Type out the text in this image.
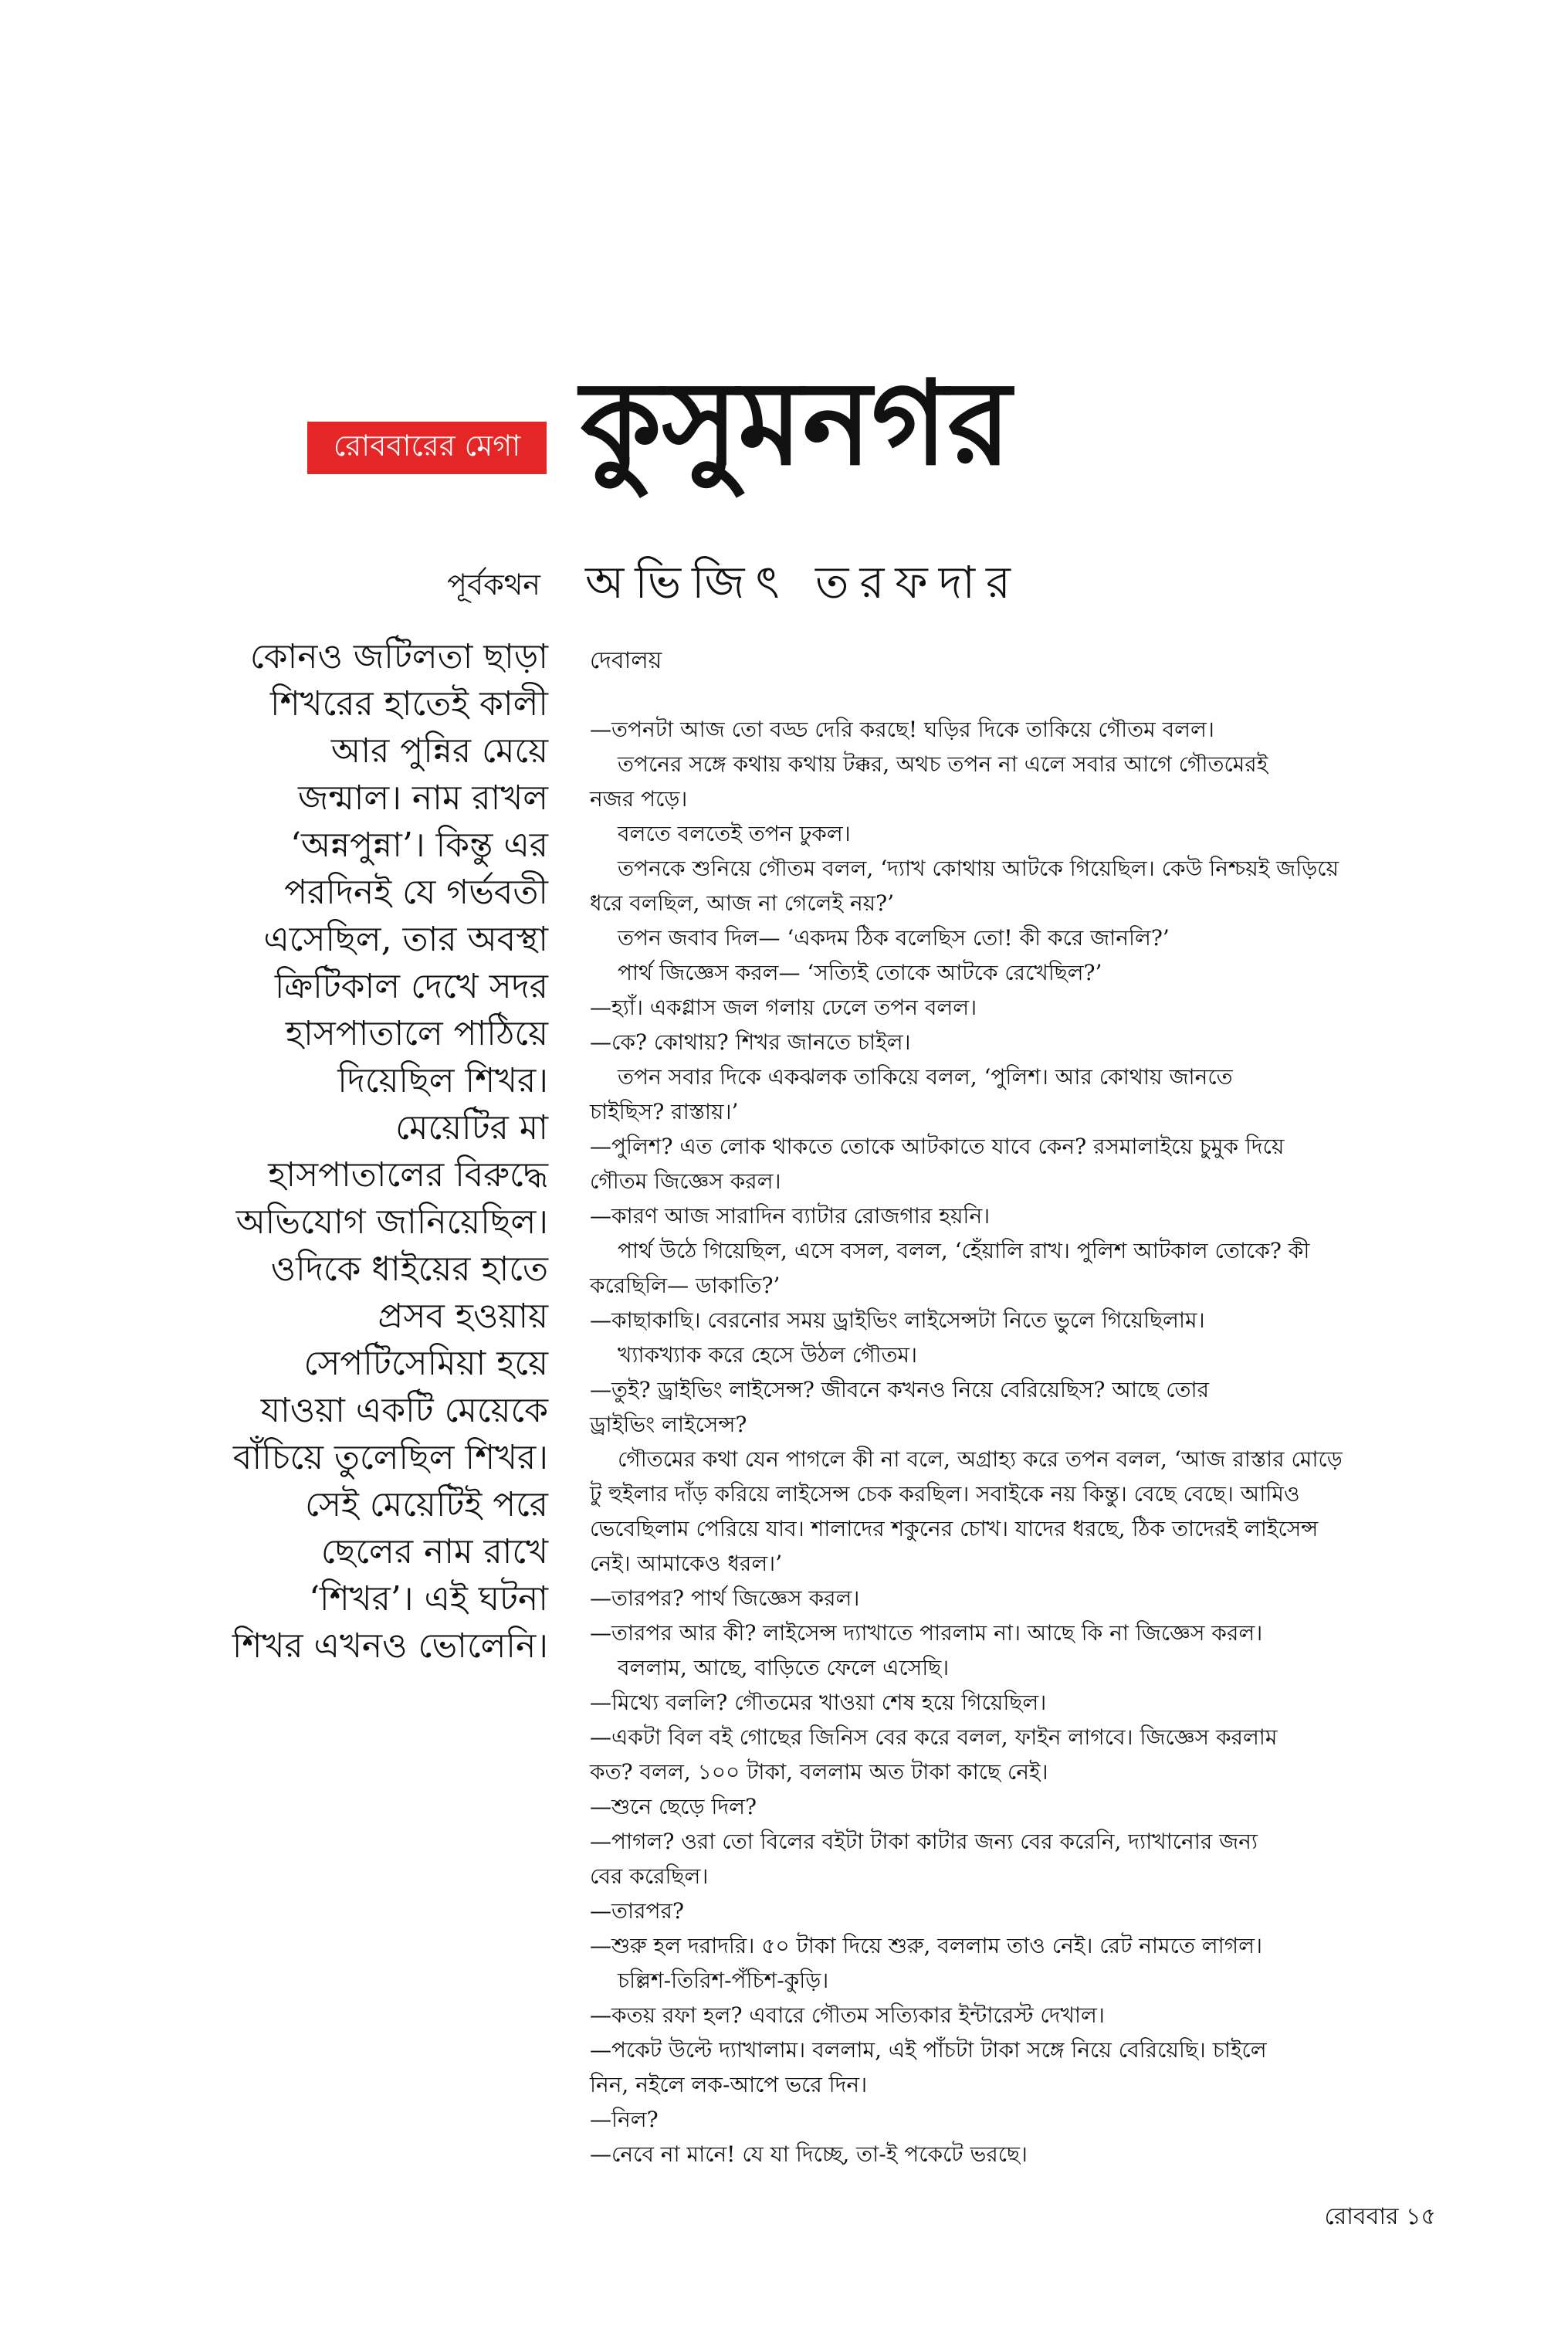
রোববারের মেগা কুসুমনগর
পূর্বকথন অভিজিৎ তরফদার
কোনও জটিলতা ছাড়া
শিখরের হাতেই কালী
আর পুন্নির মেয়ে
জন্মাল। নাম রাখল
‘অন্নপুন্না’। কিন্তু এর
পরদিনই যে গর্ভবতী
এসেছিল, তার অবস্থা
ক্রিটিকাল দেখে সদর
হাসপাতালে পাঠিয়ে
দিয়েছিল শিখর।
মেয়েটির মা
হাসপাতালের বিরুদ্ধে
অভিযোগ জানিয়েছিল।
ওদিকে ধাইয়ের হাতে
প্রসব হওয়ায়
সেপটিসেমিয়া হয়ে
যাওয়া একটি মেয়েকে
বাঁচিয়ে তুলেছিল শিখর।
সেই মেয়েটিই পরে
ছেলের নাম রাখে
‘শিখর’। এই ঘটনা
শিখর এখনও ভোলেনি।
দেবালয়
—তপনটা আজ তো বড্ড দেরি করছে! ঘড়ির দিকে তাকিয়ে গৌতম বলল।
তপনের সঙ্গে কথায় কথায় টক্কর, অথচ তপন না এলে সবার আগে গৌতমেরই
নজর পড়ে।
বলতে বলতেই তপন ঢুকল।
তপনকে শুনিয়ে গৌতম বলল, ‘দ্যাখ কোথায় আটকে গিয়েছিল। কেউ নিশ্চয়ই জড়িয়ে
ধরে বলছিল, আজ না গেলেই নয়?’
তপন জবাব দিল— ‘একদম ঠিক বলেছিস তো! কী করে জানলি?’
পার্থ জিজ্ঞেস করল— ‘সত্যিই তোকে আটকে রেখেছিল?’
—হ্যাঁ। একগ্লাস জল গলায় ঢেলে তপন বলল।
—কে? কোথায়? শিখর জানতে চাইল।
তপন সবার দিকে একঝলক তাকিয়ে বলল, ‘পুলিশ। আর কোথায় জানতে
চাইছিস? রাস্তায়।’
—পুলিশ? এত লোক থাকতে তোকে আটকাতে যাবে কেন? রসমালাইয়ে চুমুক দিয়ে
গৌতম জিজ্ঞেস করল।
—কারণ আজ সারাদিন ব্যাটার রোজগার হয়নি।
পার্থ উঠে গিয়েছিল, এসে বসল, বলল, ‘হেঁয়ালি রাখ। পুলিশ আটকাল তোকে? কী
করেছিলি— ডাকাতি?’
—কাছাকাছি। বেরনোর সময় ড্রাইভিং লাইসেন্সটা নিতে ভুলে গিয়েছিলাম।
খ্যাকখ্যাক করে হেসে উঠল গৌতম।
—তুই? ড্রাইভিং লাইসেন্স? জীবনে কখনও নিয়ে বেরিয়েছিস? আছে তোর
ড্রাইভিং লাইসেন্স?
গৌতমের কথা যেন পাগলে কী না বলে, অগ্রাহ্য করে তপন বলল, ‘আজ রাস্তার মোড়ে
টু হুইলার দাঁড় করিয়ে লাইসেন্স চেক করছিল। সবাইকে নয় কিন্তু। বেছে বেছে। আমিও
ভেবেছিলাম পেরিয়ে যাব। শালাদের শকুনের চোখ। যাদের ধরছে, ঠিক তাদেরই লাইসেন্স
নেই। আমাকেও ধরল।’
—তারপর? পার্থ জিজ্ঞেস করল।
—তারপর আর কী? লাইসেন্স দ্যাখাতে পারলাম না। আছে কি না জিজ্ঞেস করল।
বললাম, আছে, বাড়িতে ফেলে এসেছি।
—মিথ্যে বললি? গৌতমের খাওয়া শেষ হয়ে গিয়েছিল।
—একটা বিল বই গোছের জিনিস বের করে বলল, ফাইন লাগবে। জিজ্ঞেস করলাম
কত? বলল, ১০০ টাকা, বললাম অত টাকা কাছে নেই।
—শুনে ছেড়ে দিল?
—পাগল? ওরা তো বিলের বইটা টাকা কাটার জন্য বের করেনি, দ্যাখানোর জন্য
বের করেছিল।
—তারপর?
—শুরু হল দরাদরি। ৫০ টাকা দিয়ে শুরু, বললাম তাও নেই। রেট নামতে লাগল।
চল্লিশ-তিরিশ-পঁচিশ-কুড়ি।
—কতয় রফা হল? এবারে গৌতম সত্যিকার ইন্টারেস্ট দেখাল।
—পকেট উল্টে দ্যাখালাম। বললাম, এই পাঁচটা টাকা সঙ্গে নিয়ে বেরিয়েছি। চাইলে
নিন, নইলে লক-আপে ভরে দিন।
—নিল?
—নেবে না মানে! যে যা দিচ্ছে, তা-ই পকেটে ভরছে।
রোববার ১৫
